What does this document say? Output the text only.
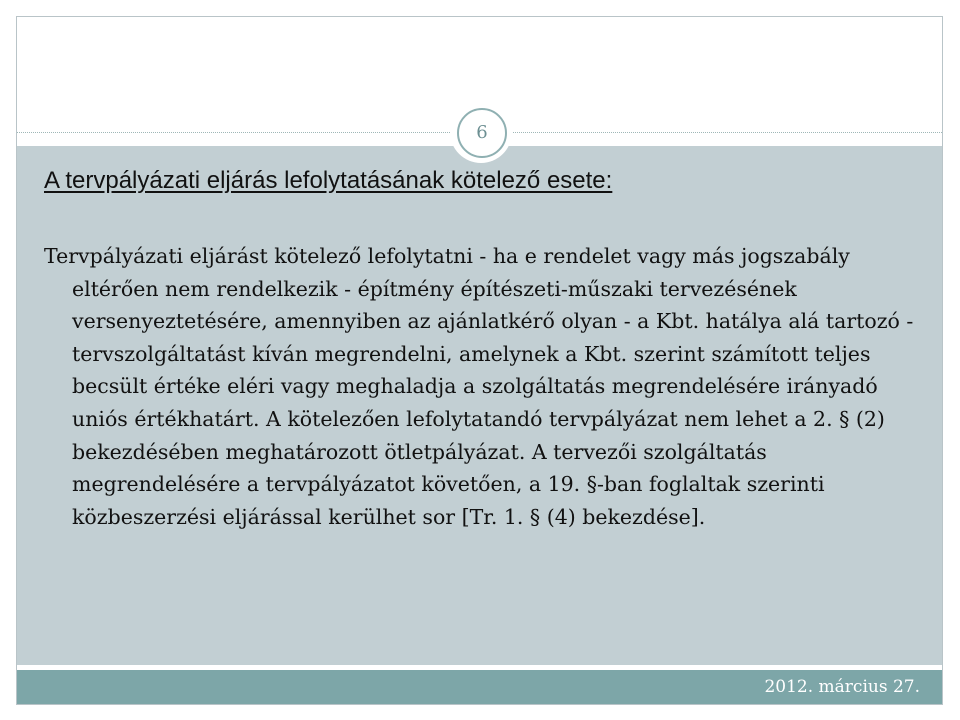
2012. március 27.
6
A tervpályázati eljárás lefolytatásának kötelező esete:

Tervpályázati eljárást kötelező lefolytatni - ha e rendelet vagy más jogszabály eltérően nem rendelkezik - építmény építészeti-műszaki tervezésének versenyeztetésére, amennyiben az ajánlatkérő olyan - a Kbt. hatálya alá tartozó - tervszolgáltatást kíván megrendelni, amelynek a Kbt. szerint számított teljes becsült értéke eléri vagy meghaladja a szolgáltatás megrendelésére irányadó uniós értékhatárt. A kötelezően lefolytatandó tervpályázat nem lehet a 2. § (2) bekezdésében meghatározott ötletpályázat. A tervezői szolgáltatás megrendelésére a tervpályázatot követően, a 19. §-ban foglaltak szerinti közbeszerzési eljárással kerülhet sor [Tr. 1. § (4) bekezdése].
